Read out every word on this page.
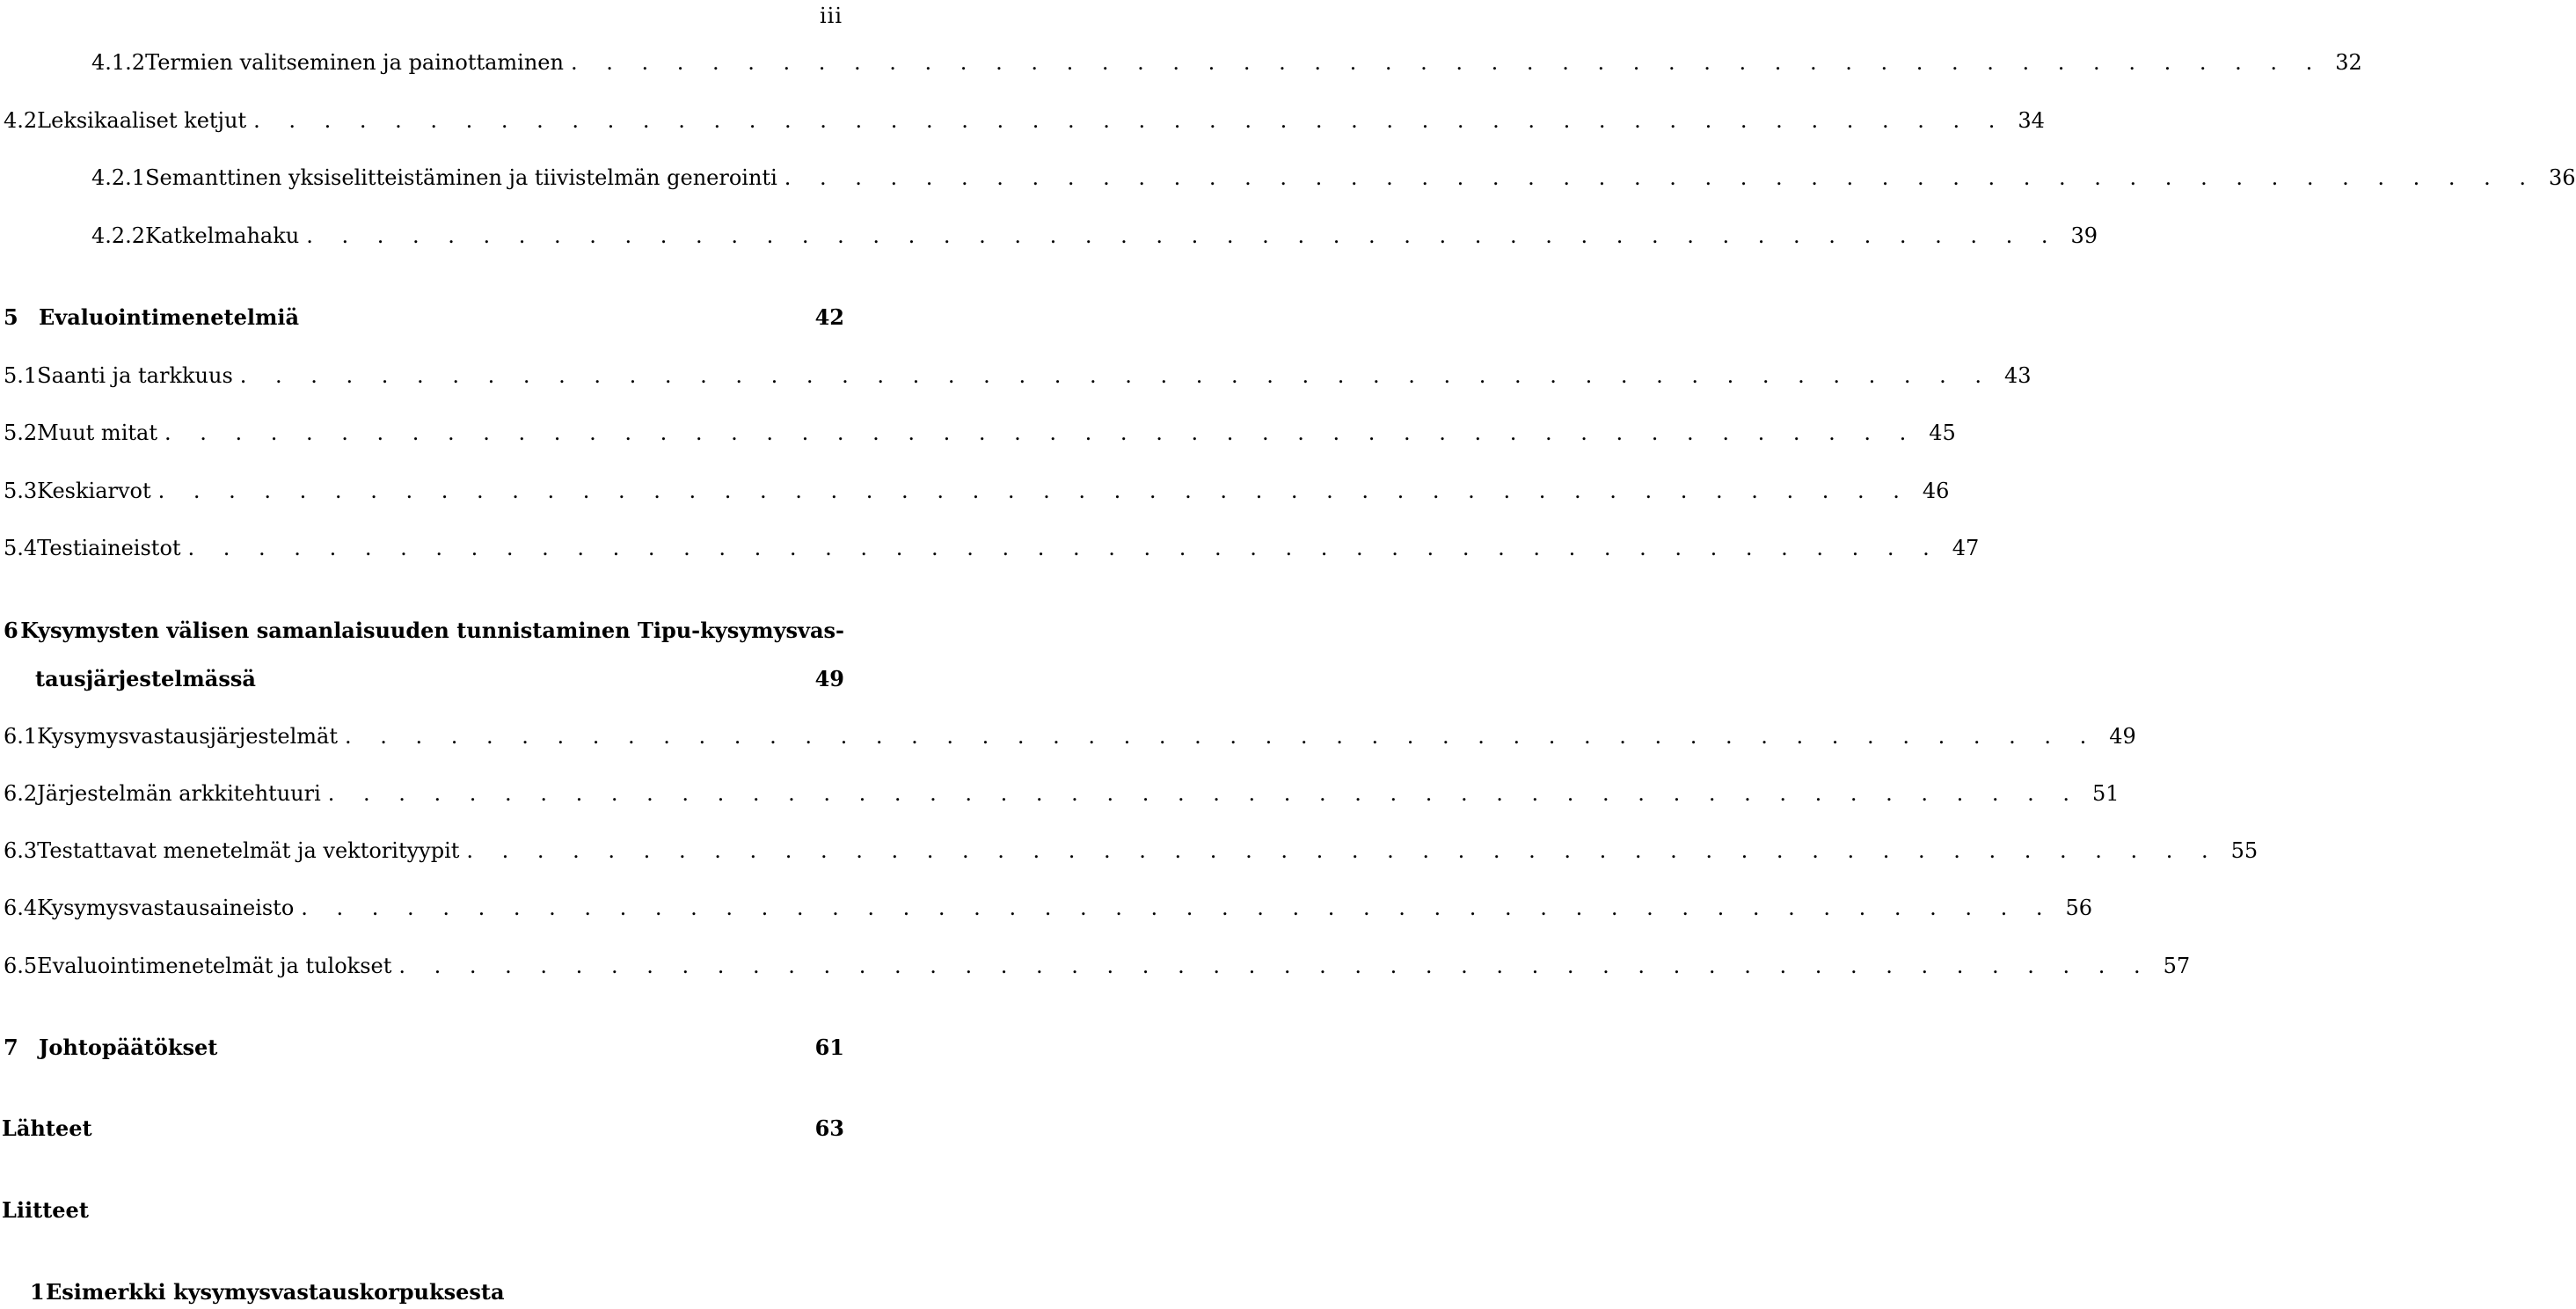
iii
4.1.2 Termien valitseminen ja painottaminen . . . . . . . . . . . . . . . . . . . . . . . . . . . . . . . . . . . . . . . . . . . . . . . . . . 32
4.2 Leksikaaliset ketjut . . . . . . . . . . . . . . . . . . . . . . . . . . . . . . . . . . . . . . . . . . . . . . . . . . 34
4.2.1 Semanttinen yksiselitteistäminen ja tiivistelmän generointi . . . . . . . . . . . . . . . . . . . . . . . . . . . . . . . . . . . . . . . . . . . . . . . . . . 36
4.2.2 Katkelmahaku . . . . . . . . . . . . . . . . . . . . . . . . . . . . . . . . . . . . . . . . . . . . . . . . . . 39
5 Evaluointimenetelmiä	42
5.1 Saanti ja tarkkuus . . . . . . . . . . . . . . . . . . . . . . . . . . . . . . . . . . . . . . . . . . . . . . . . . . 43
5.2 Muut mitat . . . . . . . . . . . . . . . . . . . . . . . . . . . . . . . . . . . . . . . . . . . . . . . . . . 45
5.3 Keskiarvot . . . . . . . . . . . . . . . . . . . . . . . . . . . . . . . . . . . . . . . . . . . . . . . . . . 46
5.4 Testiaineistot . . . . . . . . . . . . . . . . . . . . . . . . . . . . . . . . . . . . . . . . . . . . . . . . . . 47
6 Kysymysten välisen samanlaisuuden tunnistaminen Tipu-kysymysvas-
tausjärjestelmässä	49
6.1 Kysymysvastausjärjestelmät . . . . . . . . . . . . . . . . . . . . . . . . . . . . . . . . . . . . . . . . . . . . . . . . . . 49
6.2 Järjestelmän arkkitehtuuri . . . . . . . . . . . . . . . . . . . . . . . . . . . . . . . . . . . . . . . . . . . . . . . . . . 51
6.3 Testattavat menetelmät ja vektorityypit . . . . . . . . . . . . . . . . . . . . . . . . . . . . . . . . . . . . . . . . . . . . . . . . . . 55
6.4 Kysymysvastausaineisto . . . . . . . . . . . . . . . . . . . . . . . . . . . . . . . . . . . . . . . . . . . . . . . . . . 56
6.5 Evaluointimenetelmät ja tulokset . . . . . . . . . . . . . . . . . . . . . . . . . . . . . . . . . . . . . . . . . . . . . . . . . . 57
7 Johtopäätökset	61
Lähteet	63
Liitteet
1 Esimerkki kysymysvastauskorpuksesta
